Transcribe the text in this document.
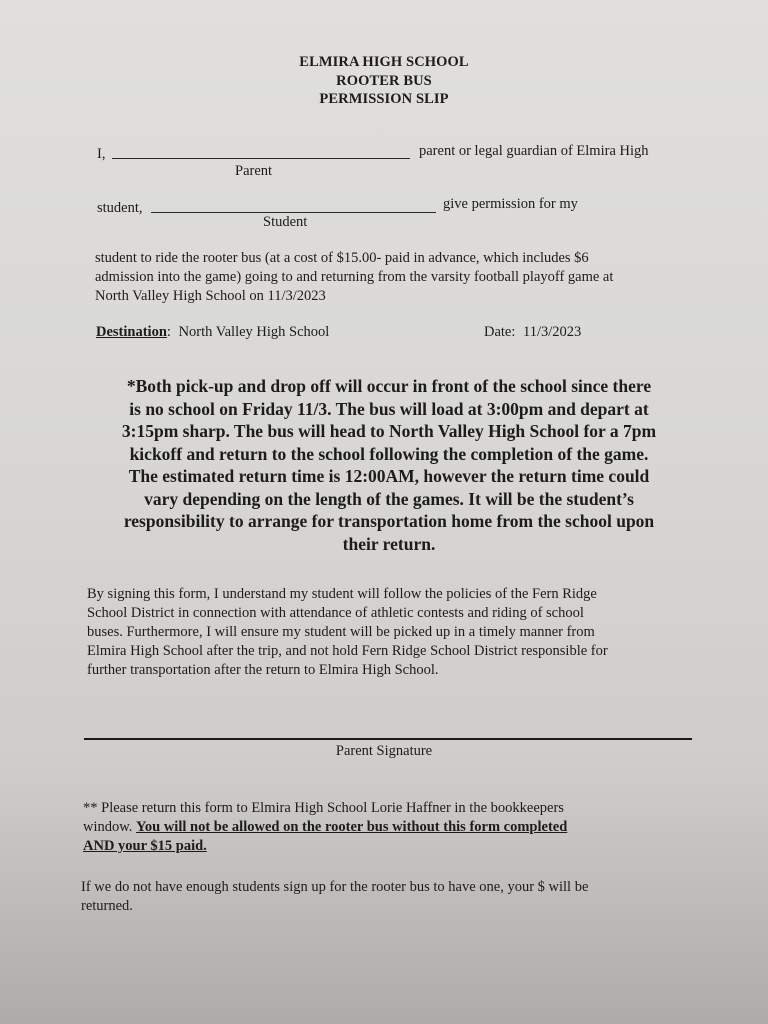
ELMIRA HIGH SCHOOL
ROOTER BUS
PERMISSION SLIP
I,
Parent
parent or legal guardian of Elmira High
student,
Student
give permission for my
student to ride the rooter bus (at a cost of $15.00- paid in advance, which includes $6
admission into the game) going to and returning from the varsity football playoff game at
North Valley High School on 11/3/2023
Destination: North Valley High School	Date: 11/3/2023
*Both pick-up and drop off will occur in front of the school since there
is no school on Friday 11/3. The bus will load at 3:00pm and depart at
3:15pm sharp. The bus will head to North Valley High School for a 7pm
kickoff and return to the school following the completion of the game.
The estimated return time is 12:00AM, however the return time could
vary depending on the length of the games. It will be the student’s
responsibility to arrange for transportation home from the school upon
their return.
By signing this form, I understand my student will follow the policies of the Fern Ridge
School District in connection with attendance of athletic contests and riding of school
buses. Furthermore, I will ensure my student will be picked up in a timely manner from
Elmira High School after the trip, and not hold Fern Ridge School District responsible for
further transportation after the return to Elmira High School.
Parent Signature
** Please return this form to Elmira High School Lorie Haffner in the bookkeepers
window. You will not be allowed on the rooter bus without this form completed
AND your $15 paid.
If we do not have enough students sign up for the rooter bus to have one, your $ will be
returned.
